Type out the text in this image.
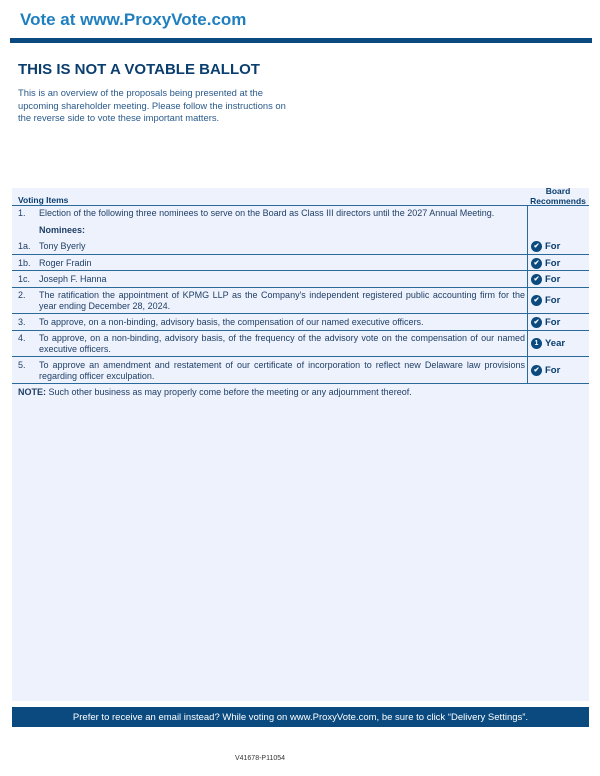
Vote at www.ProxyVote.com
THIS IS NOT A VOTABLE BALLOT
This is an overview of the proposals being presented at the upcoming shareholder meeting. Please follow the instructions on the reverse side to vote these important matters.
Voting Items
Board
Recommends
1. Election of the following three nominees to serve on the Board as Class III directors until the 2027 Annual Meeting.
Nominees:
1a. Tony Byerly	✔ For
1b. Roger Fradin	✔ For
1c. Joseph F. Hanna	✔ For
2. The ratification the appointment of KPMG LLP as the Company's independent registered public accounting firm for the year ending December 28, 2024.	✔ For
3. To approve, on a non-binding, advisory basis, the compensation of our named executive officers.	✔ For
4. To approve, on a non-binding, advisory basis, of the frequency of the advisory vote on the compensation of our named executive officers.	1 Year
5. To approve an amendment and restatement of our certificate of incorporation to reflect new Delaware law provisions regarding officer exculpation.	✔ For
NOTE: Such other business as may properly come before the meeting or any adjournment thereof.
Prefer to receive an email instead? While voting on www.ProxyVote.com, be sure to click “Delivery Settings”.
V41678-P11054
